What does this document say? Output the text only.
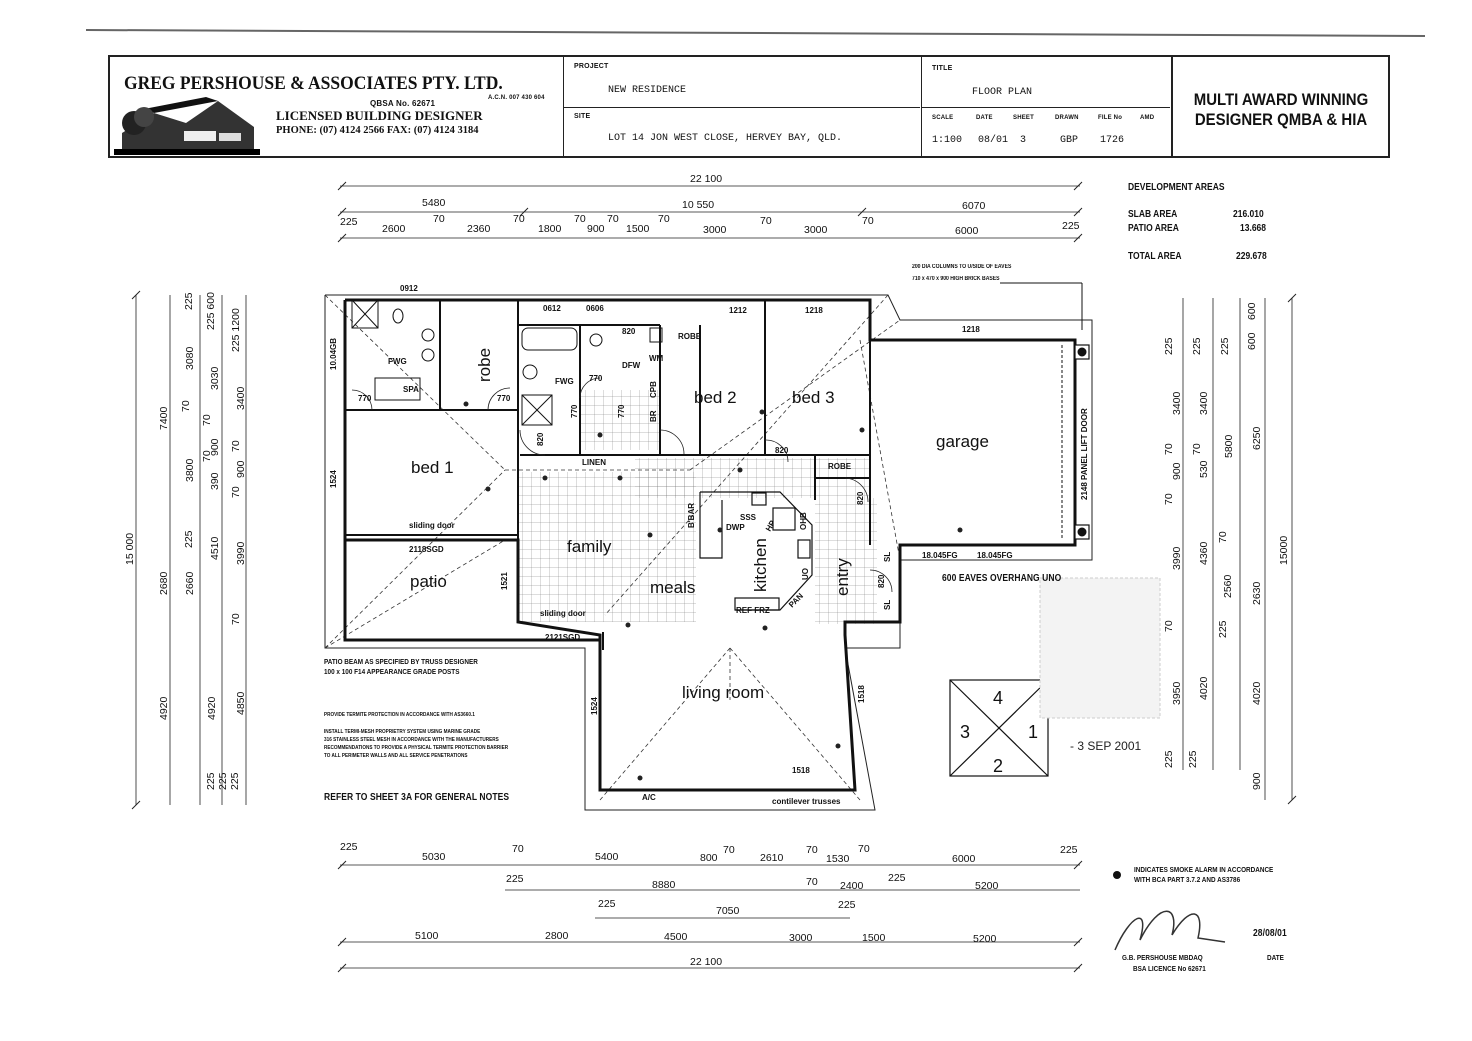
GREG PERSHOUSE & ASSOCIATES PTY. LTD.
A.C.N. 007 430 604
QBSA No. 62671
LICENSED BUILDING DESIGNER
PHONE: (07) 4124 2566 FAX: (07) 4124 3184
PROJECT
NEW RESIDENCE
SITE
LOT 14 JON WEST CLOSE, HERVEY BAY, QLD.
TITLE
FLOOR PLAN
SCALE	DATE	SHEET	DRAWN	FILE No	AMD
1:100 08/01 3	GBP 1726
MULTI AWARD WINNING
DESIGNER QMBA & HIA
4
1
2
3
- 3 SEP 2001
bed 1
bed 2	bed 3
garage
family
meals
patio
living room
robe
kitchen	entry
0912
0612	0606	1212	1218
1218
820
820
770	770
770
ROBE
ROBE
LINEN
FWG
FWG
SPA
DFW
WM
SSS
DWP
REF FRZ
sliding door
2118SGD
sliding door
2121SGD
18.045FG 18.045FG
1518
A/C	contilever trusses
820
820
820
770	770
CPB
BR
B'BAR	HP	OHB
UO
PAN
1524
1521
1524
1518
10.04GB
2148 PANEL LIFT DOOR
SL
SL
22 100
5480	10 550	6070
225
2600
70
2360
70
1800
70
900
70
1500
70
3000
70
3000
70
6000	225
225
5030
70
5400	800
70
2610
70
1530
70
6000
225
225	8880	70 2400
225
5200
225
7050	225
5100	2800	4500	3000	1500	5200
22 100
15 000
7400
2680
4920
225
225
3080
70
3800
225
2660
4920
225
225 600
3030
70
900
70
390
4510
225
225 1200
3400
70
900
70
3990
70
4850
225
3400
70
900
70
3990
70
3950
225
225
3400
70
530
4360
2560
225
4020
225
225
5800
70
4020
600
6250
2630
900
600
15000
DEVELOPMENT AREAS
SLAB AREA	216.010
PATIO AREA	13.668
TOTAL AREA	229.678
200 DIA COLUMNS TO U/SIDE OF EAVES
710 x 470 x 900 HIGH BRICK BASES
600 EAVES OVERHANG UNO
PATIO BEAM AS SPECIFIED BY TRUSS DESIGNER
100 x 100 F14 APPEARANCE GRADE POSTS
PROVIDE TERMITE PROTECTION IN ACCORDANCE WITH AS3660.1
INSTALL TERMI-MESH PROPRIETRY SYSTEM USING MARINE GRADE
316 STAINLESS STEEL MESH IN ACCORDANCE WITH THE MANUFACTURERS
RECOMMENDATIONS TO PROVIDE A PHYSICAL TERMITE PROTECTION BARRIER
TO ALL PERIMETER WALLS AND ALL SERVICE PENETRATIONS
REFER TO SHEET 3A FOR GENERAL NOTES
INDICATES SMOKE ALARM IN ACCORDANCE
WITH BCA PART 3.7.2 AND AS3786
G.B. PERSHOUSE MBDAQ
BSA LICENCE No 62671
28/08/01
DATE
